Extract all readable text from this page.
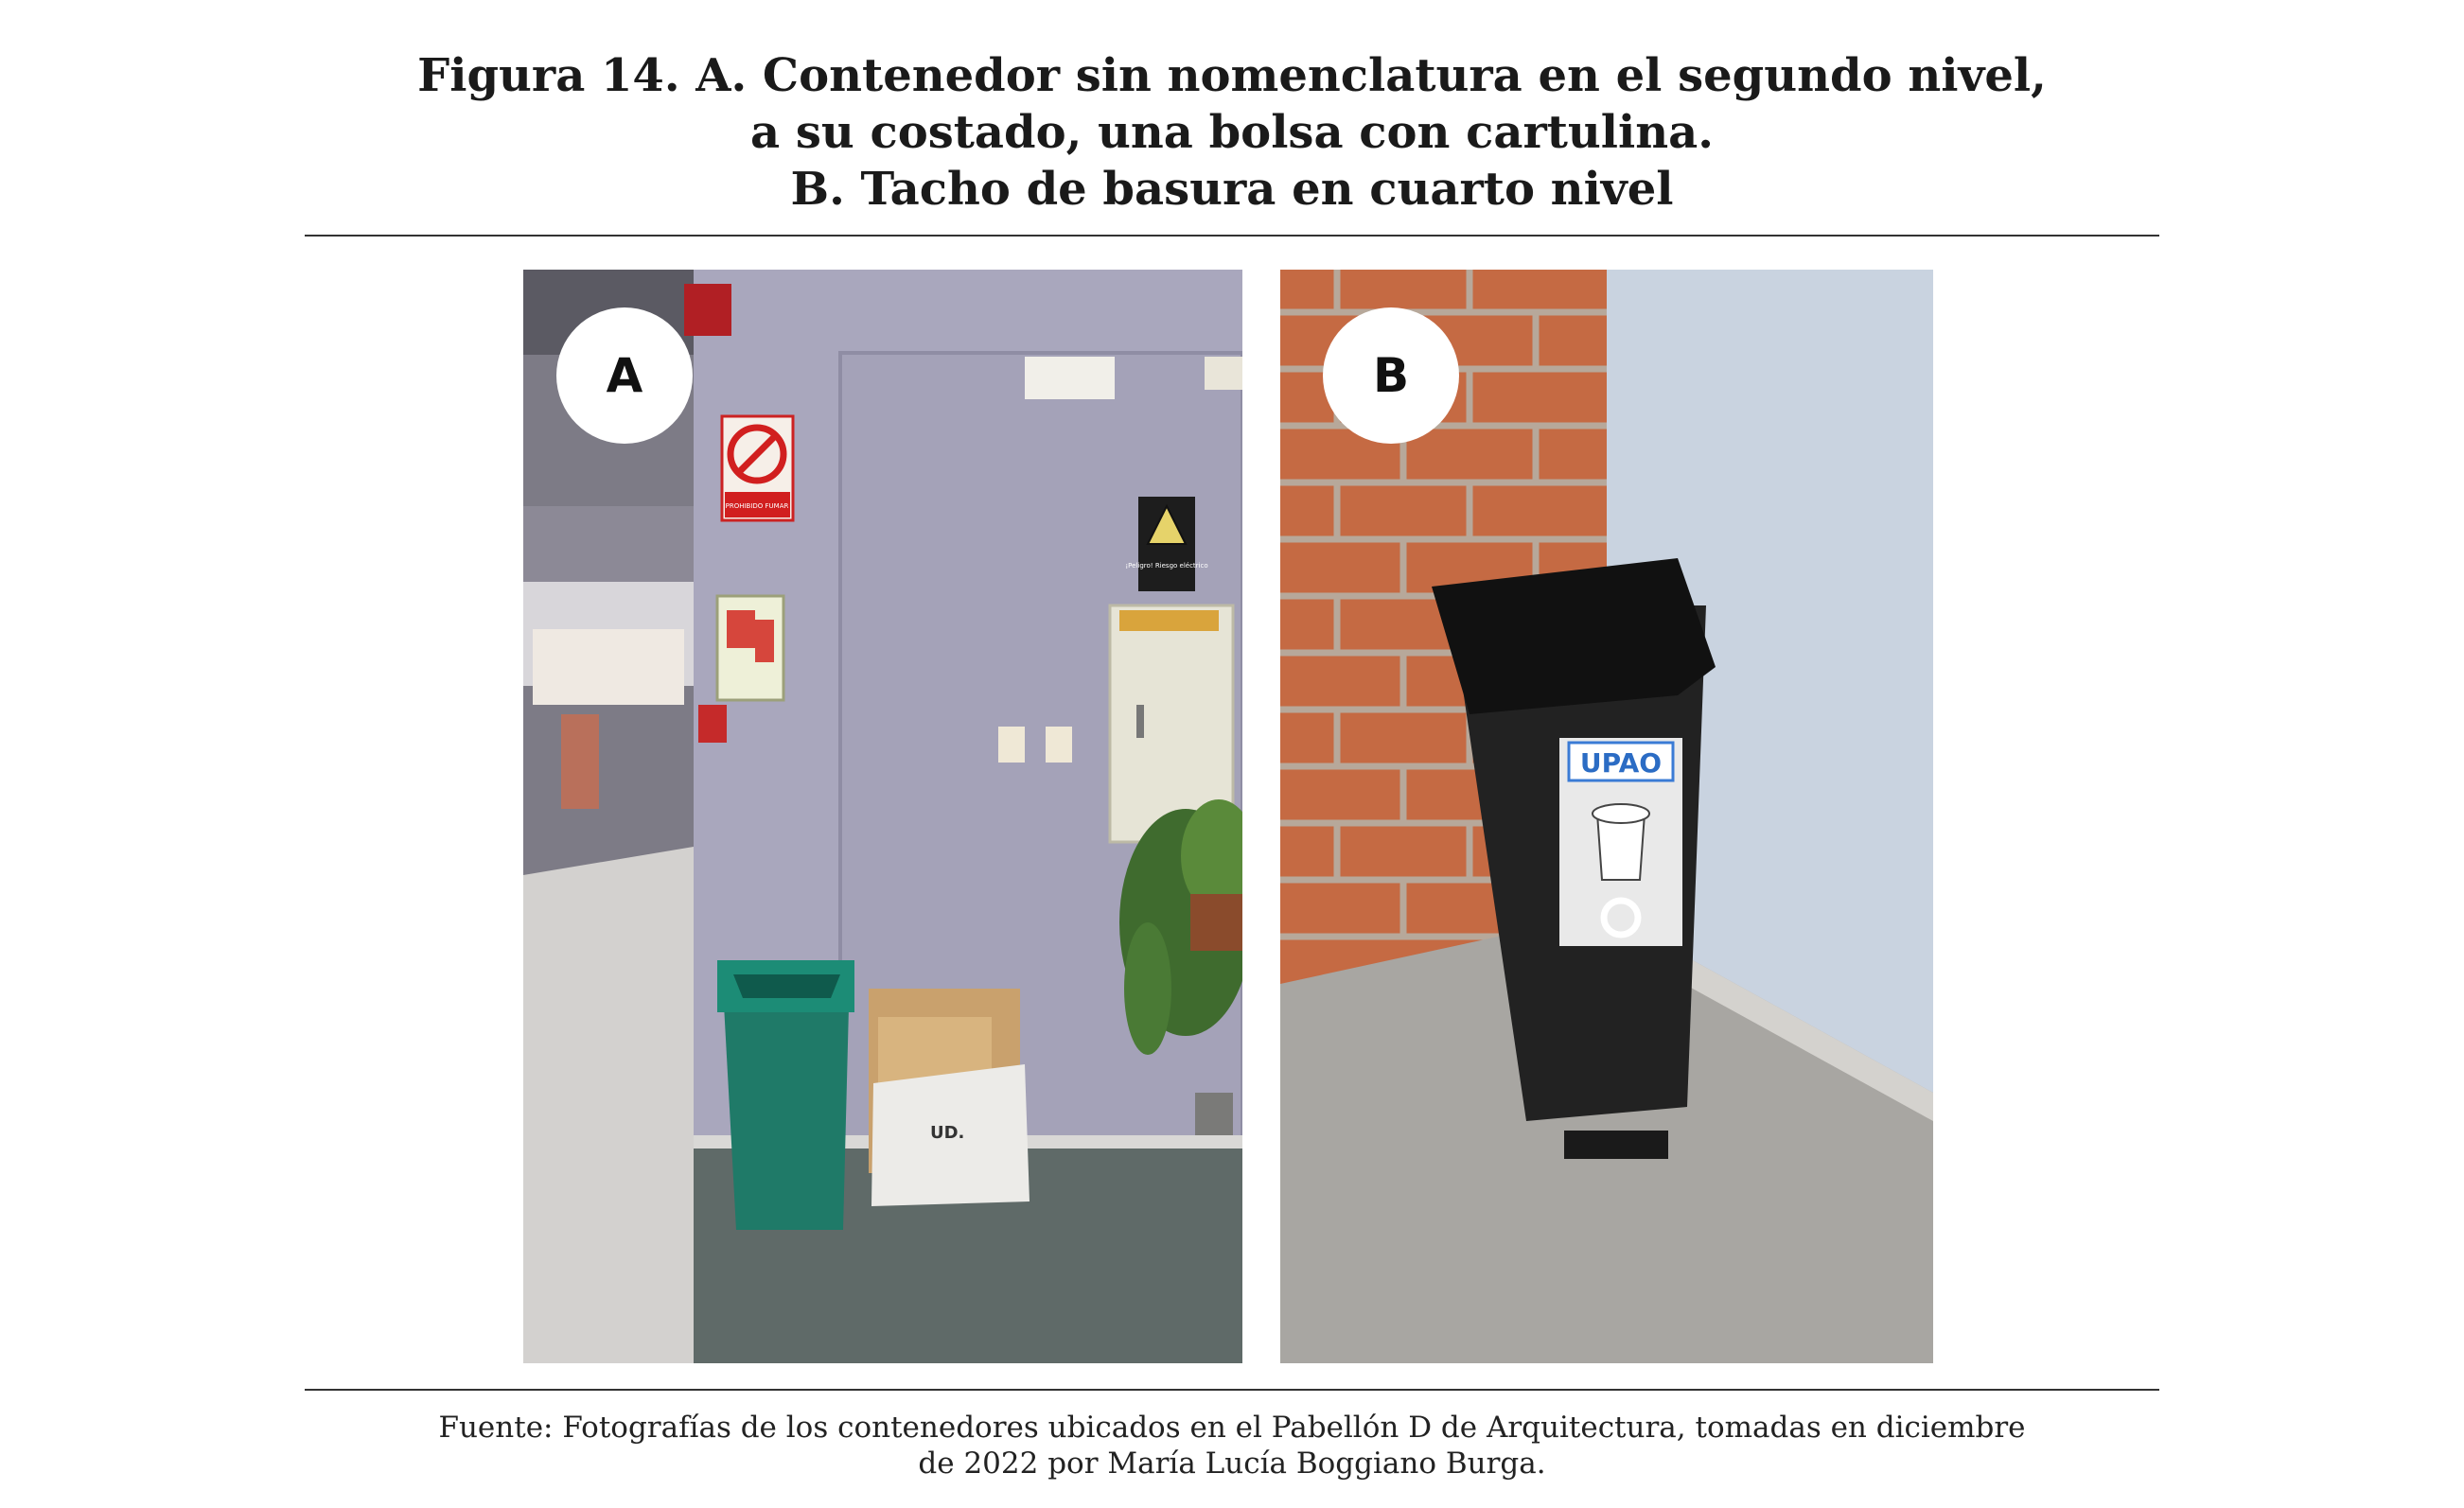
Figura 14. A. Contenedor sin nomenclatura en el segundo nivel,
a su costado, una bolsa con cartulina.
B. Tacho de basura en cuarto nivel
PROHIBIDO FUMAR
¡Peligro! Riesgo eléctrico
UD.
A
UPAO
B
Fuente: Fotografías de los contenedores ubicados en el Pabellón D de Arquitectura, tomadas en diciembre
de 2022 por María Lucía Boggiano Burga.
